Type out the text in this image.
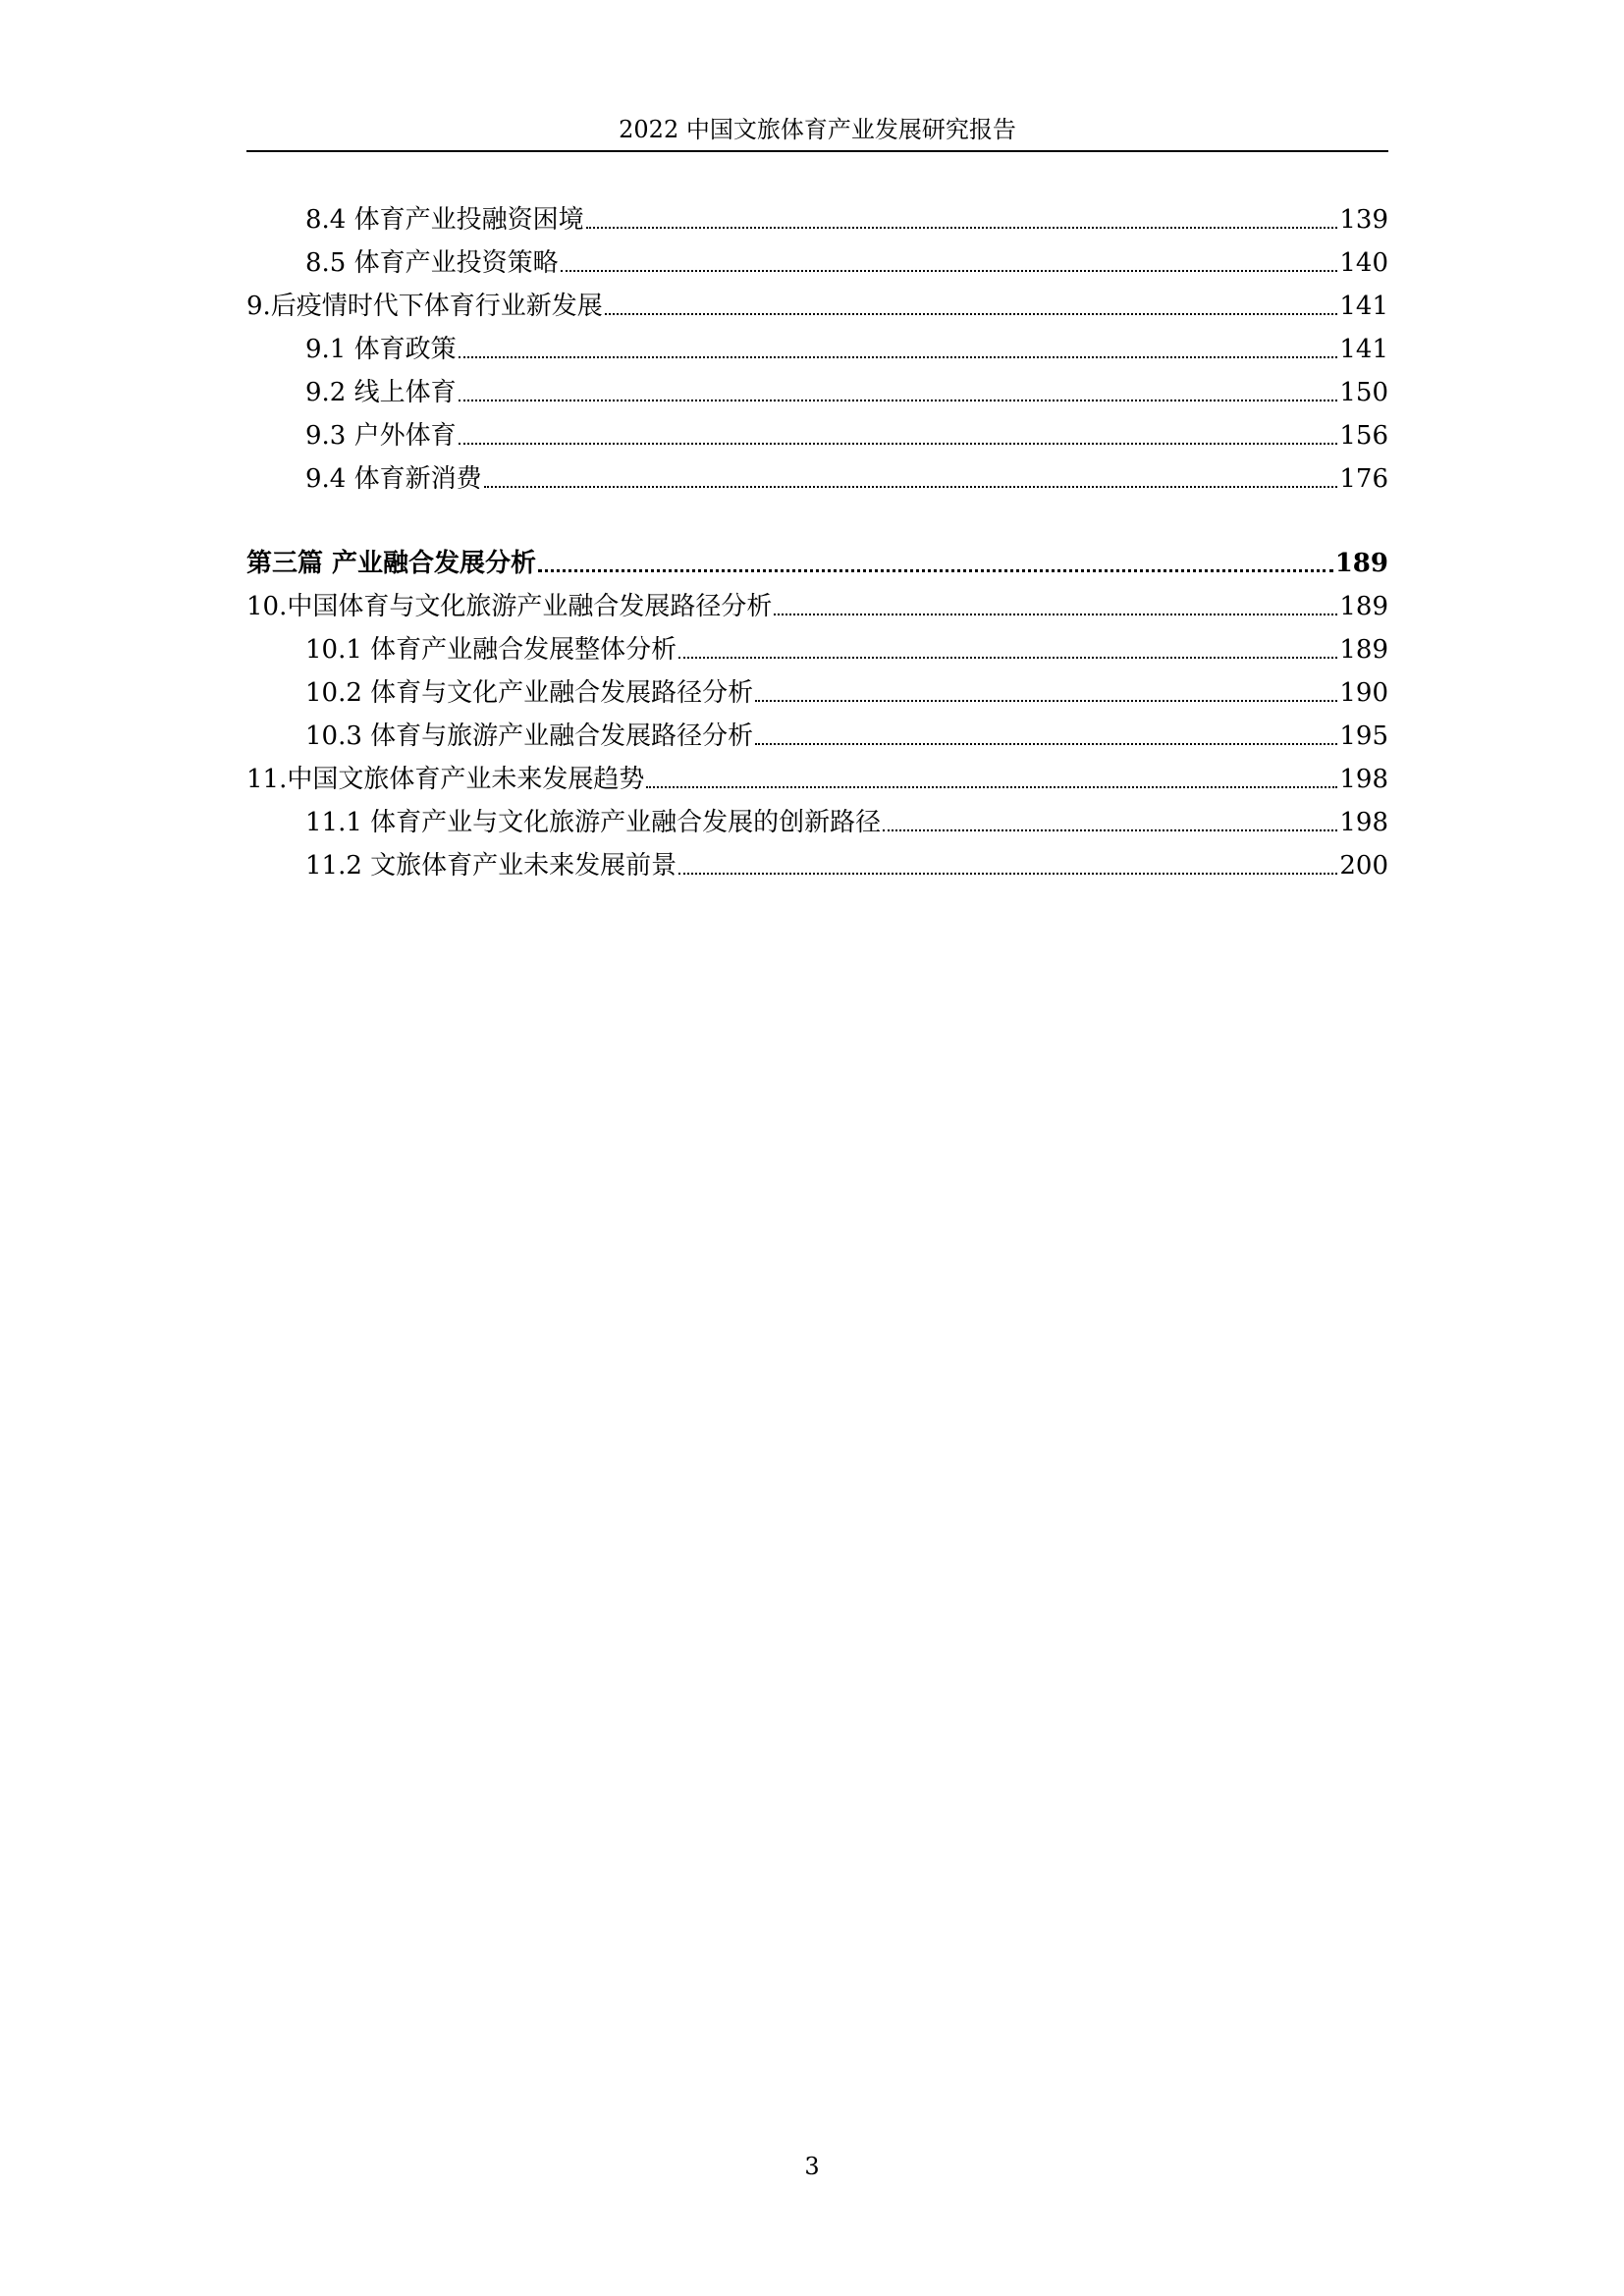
2022 中国文旅体育产业发展研究报告
8.4 体育产业投融资困境	139
8.5 体育产业投资策略	140
9.后疫情时代下体育行业新发展	141
9.1 体育政策	141
9.2 线上体育	150
9.3 户外体育	156
9.4 体育新消费	176
第三篇 产业融合发展分析	189
10.中国体育与文化旅游产业融合发展路径分析	189
10.1 体育产业融合发展整体分析	189
10.2 体育与文化产业融合发展路径分析	190
10.3 体育与旅游产业融合发展路径分析	195
11.中国文旅体育产业未来发展趋势	198
11.1 体育产业与文化旅游产业融合发展的创新路径	198
11.2 文旅体育产业未来发展前景	200
3
